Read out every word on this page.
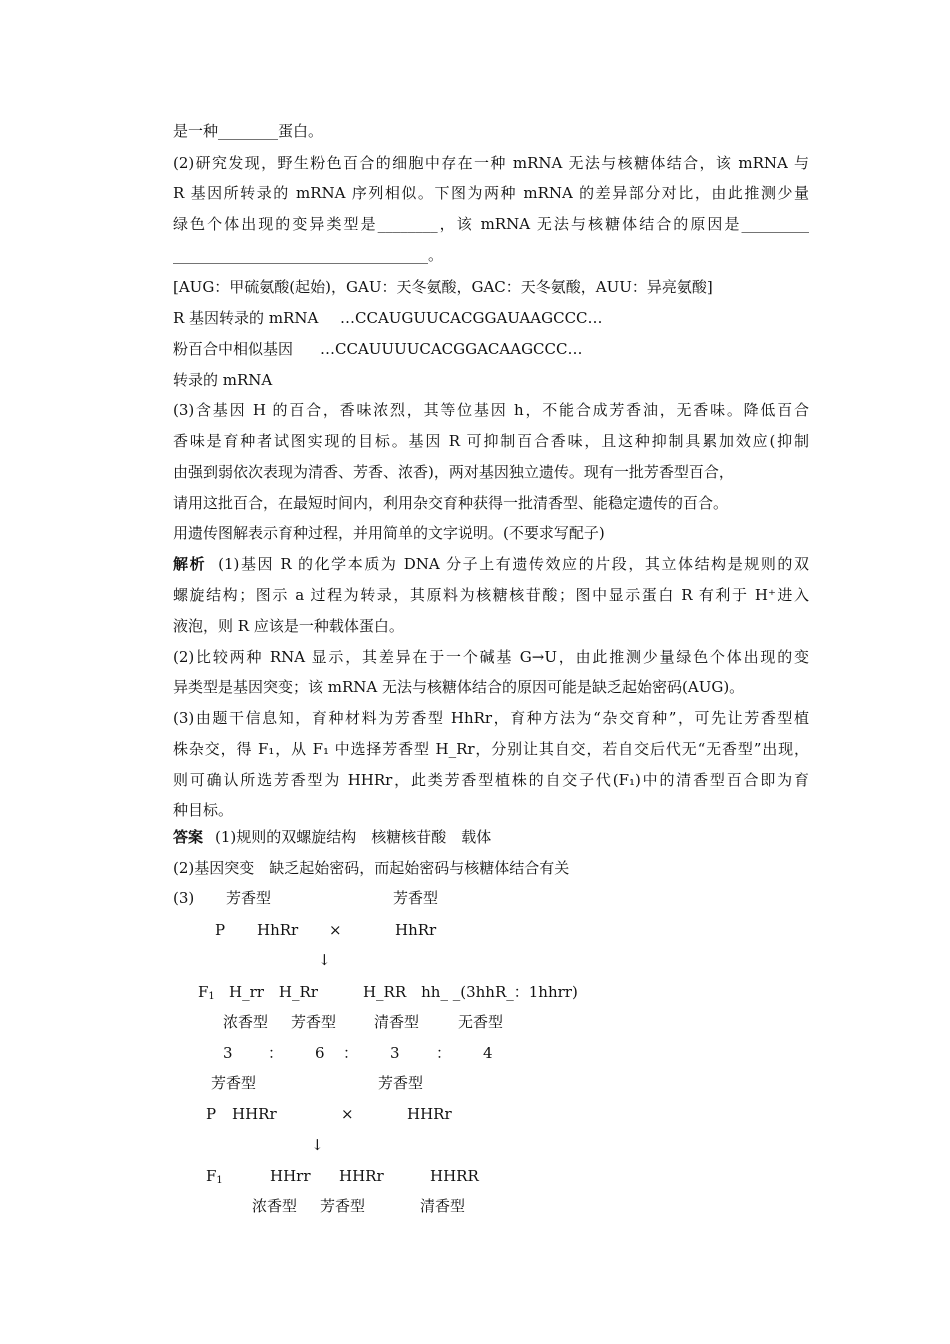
是一种________蛋白。
(2)研究发现，野生粉色百合的细胞中存在一种 mRNA 无法与核糖体结合，该 mRNA 与
R 基因所转录的 mRNA 序列相似。下图为两种 mRNA 的差异部分对比，由此推测少量
绿色个体出现的变异类型是________，该 mRNA 无法与核糖体结合的原因是_________
__________________________________。
[AUG：甲硫氨酸(起始)，GAU：天冬氨酸，GAC：天冬氨酸，AUU：异亮氨酸]
R 基因转录的 mRNA …CCAUGUUCACGGAUAAGCCC…
粉百合中相似基因 …CCAUUUUCACGGACAAGCCC…
转录的 mRNA
(3)含基因 H 的百合，香味浓烈，其等位基因 h，不能合成芳香油，无香味。降低百合
香味是育种者试图实现的目标。基因 R 可抑制百合香味，且这种抑制具累加效应(抑制
由强到弱依次表现为清香、芳香、浓香)，两对基因独立遗传。现有一批芳香型百合，
请用这批百合，在最短时间内，利用杂交育种获得一批清香型、能稳定遗传的百合。
用遗传图解表示育种过程，并用简单的文字说明。(不要求写配子)
解析 (1)基因 R 的化学本质为 DNA 分子上有遗传效应的片段，其立体结构是规则的双
螺旋结构；图示 a 过程为转录，其原料为核糖核苷酸；图中显示蛋白 R 有利于 H⁺进入
液泡，则 R 应该是一种载体蛋白。
(2)比较两种 RNA 显示，其差异在于一个碱基 G→U，由此推测少量绿色个体出现的变
异类型是基因突变；该 mRNA 无法与核糖体结合的原因可能是缺乏起始密码(AUG)。
(3)由题干信息知，育种材料为芳香型 HhRr，育种方法为“杂交育种”，可先让芳香型植
株杂交，得 F₁，从 F₁ 中选择芳香型 H_Rr，分别让其自交，若自交后代无“无香型”出现，
则可确认所选芳香型为 HHRr，此类芳香型植株的自交子代(F₁)中的清香型百合即为育
种目标。
答案 (1)规则的双螺旋结构　核糖核苷酸　载体
(2)基因突变　缺乏起始密码，而起始密码与核糖体结合有关
(3) 芳香型	芳香型
P HhRr ×	HhRr
↓
$F_1$ H_rr　H_Rr　　　H_RR　hh_ _(3hhR_：1hhrr)
浓香型 芳香型	清香型	无香型
3 ： 6 ： 3 ： 4
芳香型	芳香型
P HHRr	×	HHRr
↓
$F_1$	HHrr HHRr	HHRR
浓香型 芳香型	清香型
